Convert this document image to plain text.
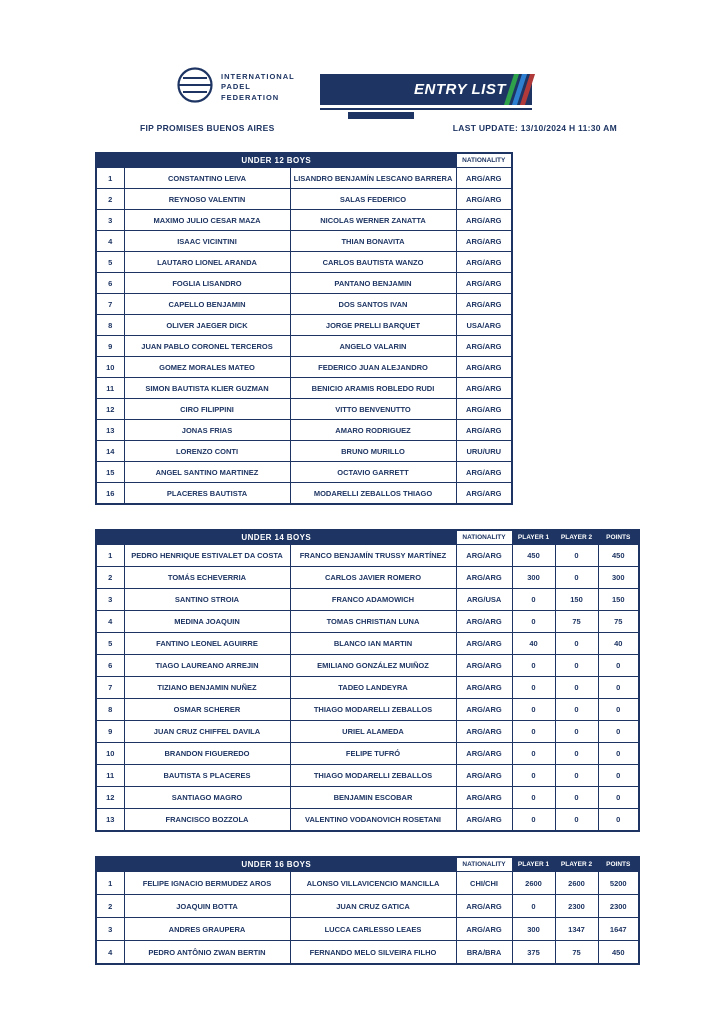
INTERNATIONAL
PADEL
FEDERATION	ENTRY LIST
FIP PROMISES BUENOS AIRES	LAST UPDATE: 13/10/2024 H 11:30 AM
UNDER 12 BOYS			NATIONALITY
1	CONSTANTINO LEIVA	LISANDRO BENJAMÍN LESCANO BARRERA	ARG/ARG
2	REYNOSO VALENTIN	SALAS FEDERICO	ARG/ARG
3	MAXIMO JULIO CESAR MAZA	NICOLAS WERNER ZANATTA	ARG/ARG
4	ISAAC VICINTINI	THIAN BONAVITA	ARG/ARG
5	LAUTARO LIONEL ARANDA	CARLOS BAUTISTA WANZO	ARG/ARG
6	FOGLIA LISANDRO	PANTANO BENJAMIN	ARG/ARG
7	CAPELLO BENJAMIN	DOS SANTOS IVAN	ARG/ARG
8	OLIVER JAEGER DICK	JORGE PRELLI BARQUET	USA/ARG
9	JUAN PABLO CORONEL TERCEROS	ANGELO VALARIN	ARG/ARG
10	GOMEZ MORALES MATEO	FEDERICO JUAN ALEJANDRO	ARG/ARG
11	SIMON BAUTISTA KLIER GUZMAN	BENICIO ARAMIS ROBLEDO RUDI	ARG/ARG
12	CIRO FILIPPINI	VITTO BENVENUTTO	ARG/ARG
13	JONAS FRIAS	AMARO RODRIGUEZ	ARG/ARG
14	LORENZO CONTI	BRUNO MURILLO	URU/URU
15	ANGEL SANTINO MARTINEZ	OCTAVIO GARRETT	ARG/ARG
16	PLACERES BAUTISTA	MODARELLI ZEBALLOS THIAGO	ARG/ARG
UNDER 14 BOYS			NATIONALITY	PLAYER 1	PLAYER 2	POINTS
1	PEDRO HENRIQUE ESTIVALET DA COSTA	FRANCO BENJAMÍN TRUSSY MARTÍNEZ	ARG/ARG	450	0	450
2	TOMÁS ECHEVERRIA	CARLOS JAVIER ROMERO	ARG/ARG	300	0	300
3	SANTINO STROIA	FRANCO ADAMOWICH	ARG/USA	0	150	150
4	MEDINA JOAQUIN	TOMAS CHRISTIAN LUNA	ARG/ARG	0	75	75
5	FANTINO LEONEL AGUIRRE	BLANCO IAN MARTIN	ARG/ARG	40	0	40
6	TIAGO LAUREANO ARREJIN	EMILIANO GONZÁLEZ MUIÑOZ	ARG/ARG	0	0	0
7	TIZIANO BENJAMIN NUÑEZ	TADEO LANDEYRA	ARG/ARG	0	0	0
8	OSMAR SCHERER	THIAGO MODARELLI ZEBALLOS	ARG/ARG	0	0	0
9	JUAN CRUZ CHIFFEL DAVILA	URIEL ALAMEDA	ARG/ARG	0	0	0
10	BRANDON FIGUEREDO	FELIPE TUFRÓ	ARG/ARG	0	0	0
11	BAUTISTA S PLACERES	THIAGO MODARELLI ZEBALLOS	ARG/ARG	0	0	0
12	SANTIAGO MAGRO	BENJAMIN ESCOBAR	ARG/ARG	0	0	0
13	FRANCISCO BOZZOLA	VALENTINO VODANOVICH ROSETANI	ARG/ARG	0	0	0
UNDER 16 BOYS			NATIONALITY	PLAYER 1	PLAYER 2	POINTS
1	FELIPE IGNACIO BERMUDEZ AROS	ALONSO VILLAVICENCIO MANCILLA	CHI/CHI	2600	2600	5200
2	JOAQUIN BOTTA	JUAN CRUZ GATICA	ARG/ARG	0	2300	2300
3	ANDRES GRAUPERA	LUCCA CARLESSO LEAES	ARG/ARG	300	1347	1647
4	PEDRO ANTÔNIO ZWAN BERTIN	FERNANDO MELO SILVEIRA FILHO	BRA/BRA	375	75	450
